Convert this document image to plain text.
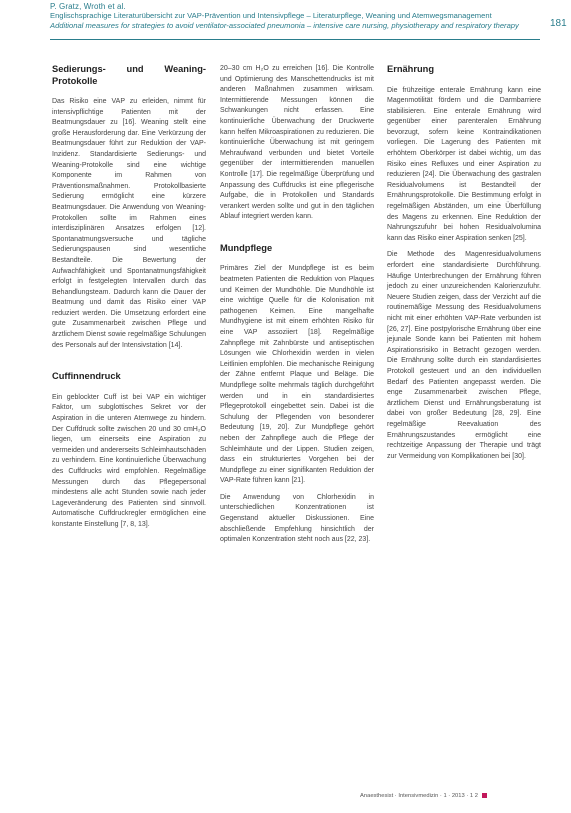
P. Gratz, Wroth et al.
Englischsprachige Literaturübersicht zur VAP-Prävention und Intensivpflege – Literaturpflege, Weaning und Atemwegsmanagement
Additional measures for strategies to avoid ventilator-associated pneumonia – intensive care nursing, physiotherapy and respiratory therapy	181
Sedierungs- und Weaning-Protokolle

Das Risiko eine VAP zu erleiden, nimmt für intensivpflichtige Patienten mit der Beatmungsdauer zu [16]. Weaning stellt eine große Herausforderung dar. Eine Verkürzung der Beatmungsdauer führt zur Reduktion der VAP-Inzidenz. Standardisierte Sedierungs- und Weaning-Protokolle sind eine wichtige Komponente im Rahmen von Präventionsmaßnahmen. Protokollbasierte Sedierung ermöglicht eine kürzere Beatmungsdauer. Die Anwendung von Weaning-Protokollen sollte im Rahmen eines interdisziplinären Ansatzes erfolgen [12]. Spontanatmungsversuche und tägliche Sedierungspausen sind wesentliche Bestandteile. Die Bewertung der Aufwachfähigkeit und Spontanatmungsfähigkeit erfolgt in festgelegten Intervallen durch das Behandlungsteam. Dadurch kann die Dauer der Beatmung und damit das Risiko einer VAP reduziert werden. Die Umsetzung erfordert eine gute Zusammenarbeit zwischen Pflege und ärztlichem Dienst sowie regelmäßige Schulungen des Personals auf der Intensivstation [14].

Cuffinnendruck

Ein geblockter Cuff ist bei VAP ein wichtiger Faktor, um subglottisches Sekret vor der Aspiration in die unteren Atemwege zu hindern. Der Cuffdruck sollte zwischen 20 und 30 cmH₂O liegen, um einerseits eine Aspiration zu vermeiden und andererseits Schleimhautschäden zu verhindern. Eine kontinuierliche Überwachung des Cuffdrucks wird empfohlen. Regelmäßige Messungen durch das Pflegepersonal mindestens alle acht Stunden sowie nach jeder Lageveränderung des Patienten sind sinnvoll. Automatische Cuffdruckregler ermöglichen eine konstante Einstellung [7, 8, 13].

20–30 cm H₂O zu erreichen [16]. Die Kontrolle und Optimierung des Manschettendrucks ist mit anderen Maßnahmen zusammen wirksam. Intermittierende Messungen können die Schwankungen nicht erfassen. Eine kontinuierliche Überwachung der Druckwerte kann helfen Mikroaspirationen zu reduzieren. Die kontinuierliche Überwachung ist mit geringem Mehraufwand verbunden und bietet Vorteile gegenüber der intermittierenden manuellen Kontrolle [17]. Die regelmäßige Überprüfung und Anpassung des Cuffdrucks ist eine pflegerische Aufgabe, die in Protokollen und Standards verankert werden sollte und gut in den täglichen Ablauf integriert werden kann.

Mundpflege

Primäres Ziel der Mundpflege ist es beim beatmeten Patienten die Reduktion von Plaques und Keimen der Mundhöhle. Die Mundhöhle ist eine wichtige Quelle für die Kolonisation mit pathogenen Keimen. Eine mangelhafte Mundhygiene ist mit einem erhöhten Risiko für eine VAP assoziiert [18]. Regelmäßige Zahnpflege mit Zahnbürste und antiseptischen Lösungen wie Chlorhexidin werden in vielen Leitlinien empfohlen. Die mechanische Reinigung der Zähne entfernt Plaque und Beläge. Die Mundpflege sollte mehrmals täglich durchgeführt werden und in ein standardisiertes Pflegeprotokoll eingebettet sein. Dabei ist die Schulung der Pflegenden von besonderer Bedeutung [19, 20]. Zur Mundpflege gehört neben der Zahnpflege auch die Pflege der Schleimhäute und der Lippen. Studien zeigen, dass ein strukturiertes Vorgehen bei der Mundpflege zu einer signifikanten Reduktion der VAP-Rate führen kann [21].

Die Anwendung von Chlorhexidin in unterschiedlichen Konzentrationen ist Gegenstand aktueller Diskussionen. Eine abschließende Empfehlung hinsichtlich der optimalen Konzentration steht noch aus [22, 23].

Ernährung

Die frühzeitige enterale Ernährung kann eine Magenmotilität fördern und die Darmbarriere stabilisieren. Eine enterale Ernährung wird gegenüber einer parenteralen Ernährung bevorzugt, sofern keine Kontraindikationen vorliegen. Die Lagerung des Patienten mit erhöhtem Oberkörper ist dabei wichtig, um das Risiko eines Refluxes und einer Aspiration zu reduzieren [24]. Die Überwachung des gastralen Residualvolumens ist Bestandteil der Ernährungsprotokolle. Die Bestimmung erfolgt in regelmäßigen Abständen, um eine Überfüllung des Magens zu erkennen. Eine Reduktion der Nahrungszufuhr bei hohen Residualvolumina kann das Risiko einer Aspiration senken [25].

Die Methode des Magenresidualvolumens erfordert eine standardisierte Durchführung. Häufige Unterbrechungen der Ernährung führen jedoch zu einer unzureichenden Kalorienzufuhr. Neuere Studien zeigen, dass der Verzicht auf die routinemäßige Messung des Residualvolumens nicht mit einer erhöhten VAP-Rate verbunden ist [26, 27]. Eine postpylorische Ernährung über eine jejunale Sonde kann bei Patienten mit hohem Aspirationsrisiko in Betracht gezogen werden. Die Ernährung sollte durch ein standardisiertes Protokoll gesteuert und an den individuellen Bedarf des Patienten angepasst werden. Die enge Zusammenarbeit zwischen Pflege, ärztlichem Dienst und Ernährungsberatung ist dabei von großer Bedeutung [28, 29]. Eine regelmäßige Reevaluation des Ernährungszustandes ermöglicht eine rechtzeitige Anpassung der Therapie und trägt zur Vermeidung von Komplikationen bei [30].

Anaesthesist · Intensivmedizin · 1 · 2013 · 1 2
